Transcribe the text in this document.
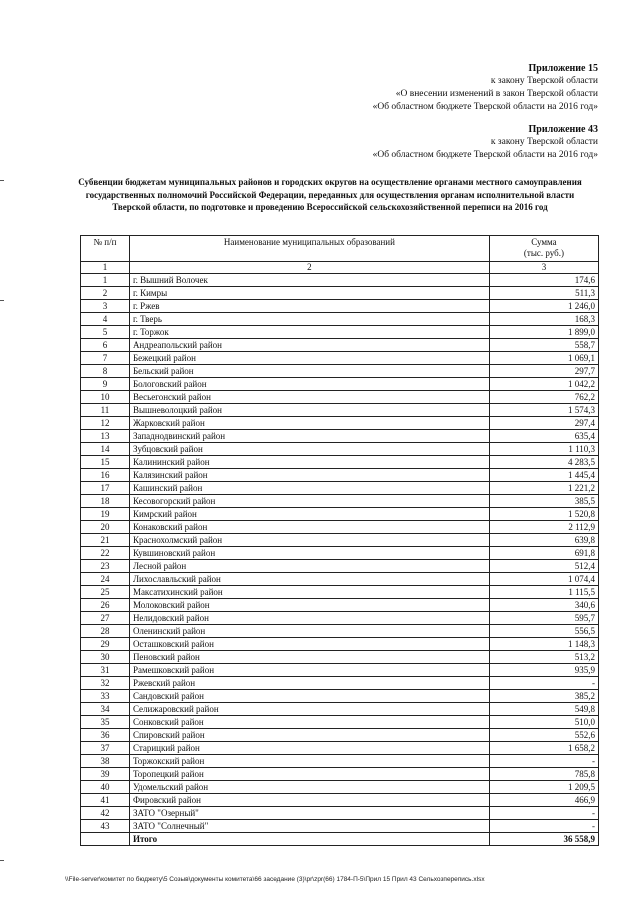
Приложение 15
к закону Тверской области
«О внесении изменений в закон Тверской области
«Об областном бюджете Тверской области на 2016 год»
Приложение 43
к закону Тверской области
«Об областном бюджете Тверской области на 2016 год»
Субвенции бюджетам муниципальных районов и городских округов на осуществление органами местного самоуправления государственных полномочий Российской Федерации, переданных для осуществления органам исполнительной власти Тверской области, по подготовке и проведению Всероссийской сельскохозяйственной переписи на 2016 год
№ п/п	Наименование муниципальных образований	Сумма
(тыс. руб.)

1	2	3
1	г. Вышний Волочек	174,6
2	г. Кимры	511,3
3	г. Ржев	1 246,0
4	г. Тверь	168,3
5	г. Торжок	1 899,0
6	Андреапольский район	558,7
7	Бежецкий район	1 069,1
8	Бельский район	297,7
9	Бологовский район	1 042,2
10	Весьегонский район	762,2
11	Вышневолоцкий район	1 574,3
12	Жарковский район	297,4
13	Западнодвинский район	635,4
14	Зубцовский район	1 110,3
15	Калининский район	4 283,5
16	Калязинский район	1 445,4
17	Кашинский район	1 221,2
18	Кесовогорский район	385,5
19	Кимрский район	1 520,8
20	Конаковский район	2 112,9
21	Краснохолмский район	639,8
22	Кувшиновский район	691,8
23	Лесной район	512,4
24	Лихославльский район	1 074,4
25	Максатихинский район	1 115,5
26	Молоковский район	340,6
27	Нелидовский район	595,7
28	Оленинский район	556,5
29	Осташковский район	1 148,3
30	Пеновский район	513,2
31	Рамешковский район	935,9
32	Ржевский район	-
33	Сандовский район	385,2
34	Селижаровский район	549,8
35	Сонковский район	510,0
36	Спировский район	552,6
37	Старицкий район	1 658,2
38	Торжокский район	-
39	Торопецкий район	785,8
40	Удомельский район	1 209,5
41	Фировский район	466,9
42	ЗАТО "Озерный"	-
43	ЗАТО "Солнечный"	-
	Итого	36 558,9
\\File-server\комитет по бюджету\5 Созыв\документы комитета\66 заседание (3)\pr\zpr(66) 1784-П-5\Прил 15 Прил 43 Сельхозперепись.xlsx
